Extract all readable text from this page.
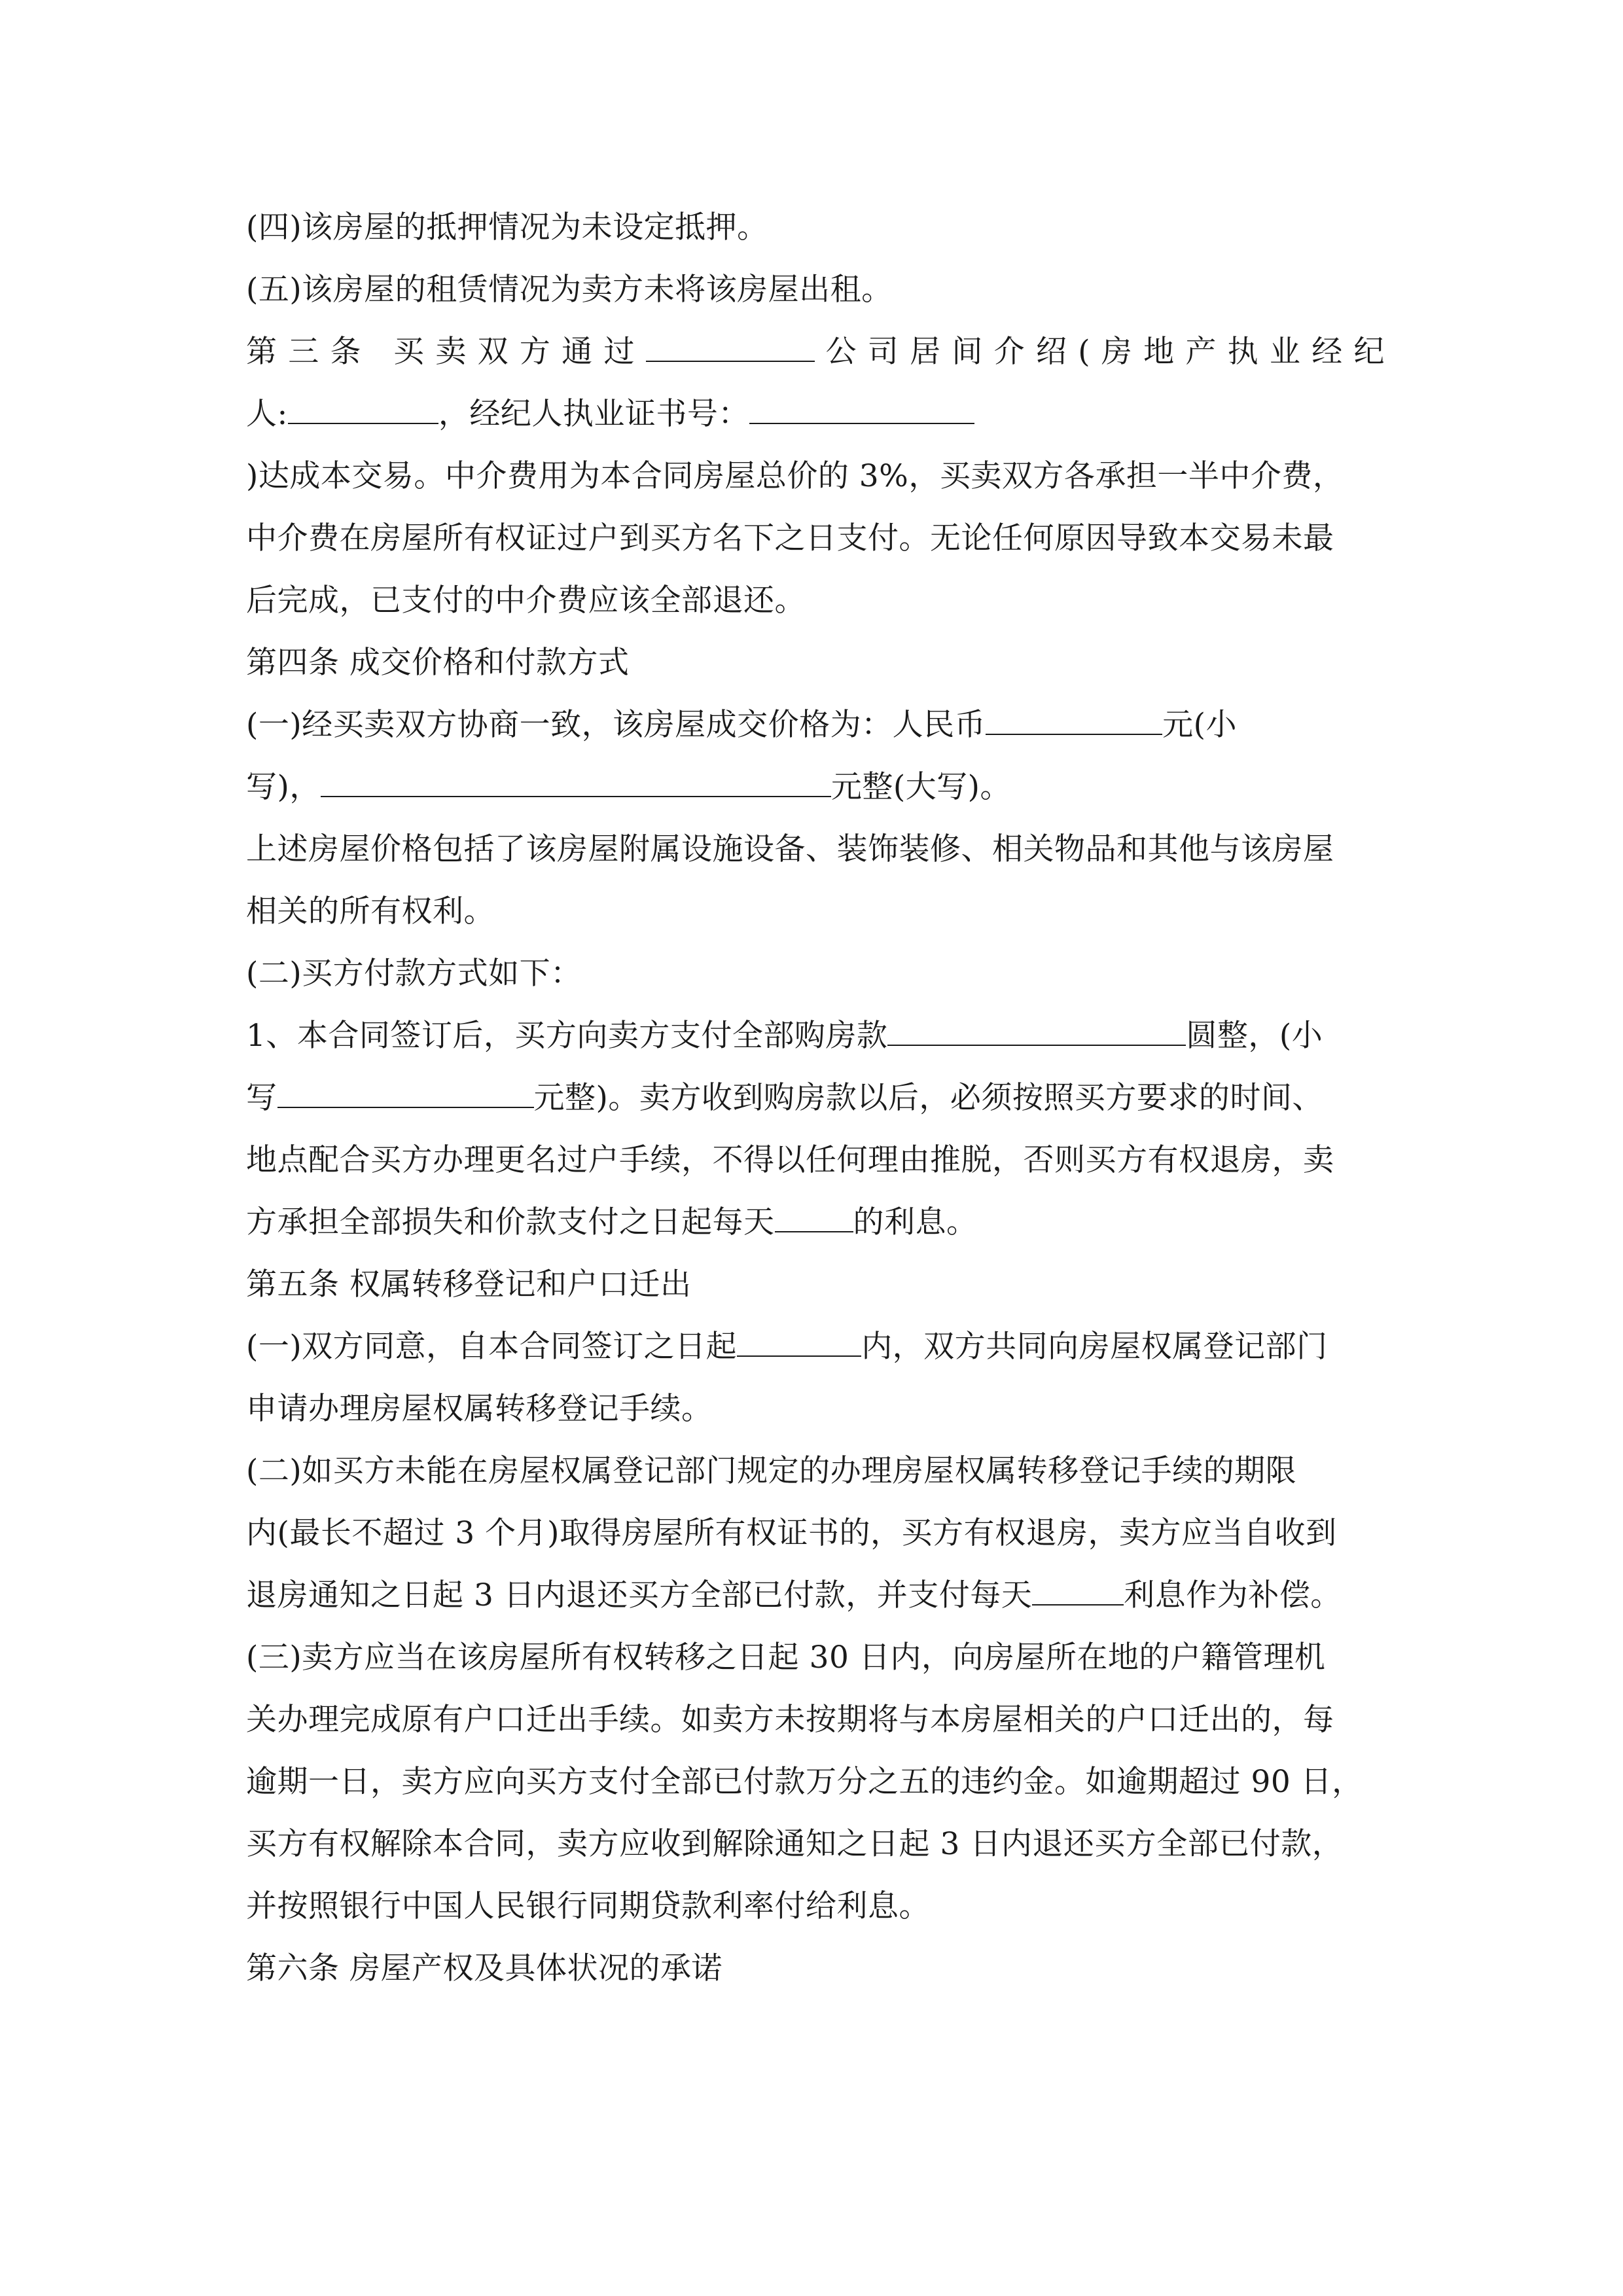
(四)该房屋的抵押情况为未设定抵押。
(五)该房屋的租赁情况为卖方未将该房屋出租。
第三条 买卖双方通过	公司居间介绍(房地产执业经纪
人:	，经纪人执业证书号：
)达成本交易。中介费用为本合同房屋总价的 3%，买卖双方各承担一半中介费，
中介费在房屋所有权证过户到买方名下之日支付。无论任何原因导致本交易未最
后完成，已支付的中介费应该全部退还。
第四条 成交价格和付款方式
(一)经买卖双方协商一致，该房屋成交价格为：人民币	元(小
写)，	元整(大写)。
上述房屋价格包括了该房屋附属设施设备、装饰装修、相关物品和其他与该房屋
相关的所有权利。
(二)买方付款方式如下：
1、本合同签订后，买方向卖方支付全部购房款	圆整，(小
写	元整)。卖方收到购房款以后，必须按照买方要求的时间、
地点配合买方办理更名过户手续，不得以任何理由推脱，否则买方有权退房，卖
方承担全部损失和价款支付之日起每天	的利息。
第五条 权属转移登记和户口迁出
(一)双方同意，自本合同签订之日起	内，双方共同向房屋权属登记部门
申请办理房屋权属转移登记手续。
(二)如买方未能在房屋权属登记部门规定的办理房屋权属转移登记手续的期限
内(最长不超过 3 个月)取得房屋所有权证书的，买方有权退房，卖方应当自收到
退房通知之日起 3 日内退还买方全部已付款，并支付每天	利息作为补偿。
(三)卖方应当在该房屋所有权转移之日起 30 日内，向房屋所在地的户籍管理机
关办理完成原有户口迁出手续。如卖方未按期将与本房屋相关的户口迁出的，每
逾期一日，卖方应向买方支付全部已付款万分之五的违约金。如逾期超过 90 日，
买方有权解除本合同，卖方应收到解除通知之日起 3 日内退还买方全部已付款，
并按照银行中国人民银行同期贷款利率付给利息。
第六条 房屋产权及具体状况的承诺
